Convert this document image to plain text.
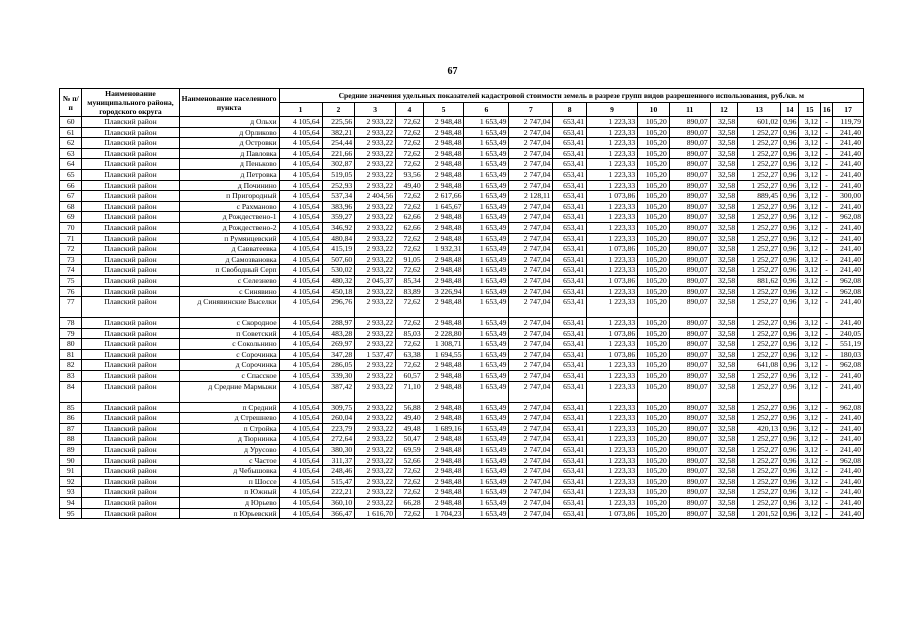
67
№ п/п	Наименование муниципального района, городского округа	Наименование населенного пункта	Средние значения удельных показателей кадастровой стоимости земель в разрезе групп видов разрешенного использования, руб./кв. м																
			1	2	3	4	5	6	7	8	9	10	11	12	13	14	15	16	17
60	Плавский район	д Ольхи	4 105,64	225,56	2 933,22	72,62	2 948,48	1 653,49	2 747,04	653,41	1 223,33	105,20	890,07	32,58	601,02	0,96	3,12	-	119,79
61	Плавский район	д Орликово	4 105,64	382,21	2 933,22	72,62	2 948,48	1 653,49	2 747,04	653,41	1 223,33	105,20	890,07	32,58	1 252,27	0,96	3,12	-	241,40
62	Плавский район	д Островки	4 105,64	254,44	2 933,22	72,62	2 948,48	1 653,49	2 747,04	653,41	1 223,33	105,20	890,07	32,58	1 252,27	0,96	3,12	-	241,40
63	Плавский район	д Павловка	4 105,64	221,66	2 933,22	72,62	2 948,48	1 653,49	2 747,04	653,41	1 223,33	105,20	890,07	32,58	1 252,27	0,96	3,12	-	241,40
64	Плавский район	д Пеньково	4 105,64	302,87	2 933,22	72,62	2 948,48	1 653,49	2 747,04	653,41	1 223,33	105,20	890,07	32,58	1 252,27	0,96	3,12	-	241,40
65	Плавский район	д Петровка	4 105,64	519,05	2 933,22	93,56	2 948,48	1 653,49	2 747,04	653,41	1 223,33	105,20	890,07	32,58	1 252,27	0,96	3,12	-	241,40
66	Плавский район	д Починино	4 105,64	252,93	2 933,22	49,40	2 948,48	1 653,49	2 747,04	653,41	1 223,33	105,20	890,07	32,58	1 252,27	0,96	3,12	-	241,40
67	Плавский район	п Пригородный	4 105,64	537,34	2 404,56	72,62	2 617,66	1 653,49	2 128,11	653,41	1 073,86	105,20	890,07	32,58	889,45	0,96	3,12	-	300,00
68	Плавский район	с Рахманово	4 105,64	383,96	2 933,22	72,62	1 645,67	1 653,49	2 747,04	653,41	1 223,33	105,20	890,07	32,58	1 252,27	0,96	3,12	-	241,40
69	Плавский район	д Рождествено-1	4 105,64	359,27	2 933,22	62,66	2 948,48	1 653,49	2 747,04	653,41	1 223,33	105,20	890,07	32,58	1 252,27	0,96	3,12	-	962,08
70	Плавский район	д Рождествено-2	4 105,64	346,92	2 933,22	62,66	2 948,48	1 653,49	2 747,04	653,41	1 223,33	105,20	890,07	32,58	1 252,27	0,96	3,12	-	241,40
71	Плавский район	п Румянцевский	4 105,64	480,84	2 933,22	72,62	2 948,48	1 653,49	2 747,04	653,41	1 223,33	105,20	890,07	32,58	1 252,27	0,96	3,12	-	241,40
72	Плавский район	д Савватеевка	4 105,64	415,19	2 933,22	72,62	1 932,31	1 653,49	2 747,04	653,41	1 073,86	105,20	890,07	32,58	1 252,27	0,96	3,12	-	241,40
73	Плавский район	д Самозвановка	4 105,64	507,60	2 933,22	91,05	2 948,48	1 653,49	2 747,04	653,41	1 223,33	105,20	890,07	32,58	1 252,27	0,96	3,12	-	241,40
74	Плавский район	п Свободный Серп	4 105,64	530,02	2 933,22	72,62	2 948,48	1 653,49	2 747,04	653,41	1 223,33	105,20	890,07	32,58	1 252,27	0,96	3,12	-	241,40
75	Плавский район	с Селезнево	4 105,64	480,32	2 045,37	85,34	2 948,48	1 653,49	2 747,04	653,41	1 073,86	105,20	890,07	32,58	881,62	0,96	3,12	-	962,08
76	Плавский район	с Синявино	4 105,64	450,18	2 933,22	83,89	3 226,94	1 653,49	2 747,04	653,41	1 223,33	105,20	890,07	32,58	1 252,27	0,96	3,12	-	962,08
77	Плавский район	д Синявинские Выселки	4 105,64	296,76	2 933,22	72,62	2 948,48	1 653,49	2 747,04	653,41	1 223,33	105,20	890,07	32,58	1 252,27	0,96	3,12	-	241,40
78	Плавский район	с Скородное	4 105,64	288,97	2 933,22	72,62	2 948,48	1 653,49	2 747,04	653,41	1 223,33	105,20	890,07	32,58	1 252,27	0,96	3,12	-	241,40
79	Плавский район	п Советский	4 105,64	483,28	2 933,22	85,03	2 228,80	1 653,49	2 747,04	653,41	1 073,86	105,20	890,07	32,58	1 252,27	0,96	3,12	-	240,05
80	Плавский район	с Сокольнино	4 105,64	269,97	2 933,22	72,62	1 308,71	1 653,49	2 747,04	653,41	1 223,33	105,20	890,07	32,58	1 252,27	0,96	3,12	-	551,19
81	Плавский район	с Сорочинка	4 105,64	347,28	1 537,47	63,38	1 694,55	1 653,49	2 747,04	653,41	1 073,86	105,20	890,07	32,58	1 252,27	0,96	3,12	-	180,03
82	Плавский район	д Сорочинка	4 105,64	286,05	2 933,22	72,62	2 948,48	1 653,49	2 747,04	653,41	1 223,33	105,20	890,07	32,58	641,08	0,96	3,12	-	962,08
83	Плавский район	с Спасское	4 105,64	339,30	2 933,22	60,57	2 948,48	1 653,49	2 747,04	653,41	1 223,33	105,20	890,07	32,58	1 252,27	0,96	3,12	-	241,40
84	Плавский район	д Средние Мармыжи	4 105,64	387,42	2 933,22	71,10	2 948,48	1 653,49	2 747,04	653,41	1 223,33	105,20	890,07	32,58	1 252,27	0,96	3,12	-	241,40
85	Плавский район	п Средний	4 105,64	309,75	2 933,22	56,88	2 948,48	1 653,49	2 747,04	653,41	1 223,33	105,20	890,07	32,58	1 252,27	0,96	3,12	-	962,08
86	Плавский район	д Стрешнево	4 105,64	260,04	2 933,22	49,40	2 948,48	1 653,49	2 747,04	653,41	1 223,33	105,20	890,07	32,58	1 252,27	0,96	3,12	-	241,40
87	Плавский район	п Стройка	4 105,64	223,79	2 933,22	49,48	1 689,16	1 653,49	2 747,04	653,41	1 223,33	105,20	890,07	32,58	420,13	0,96	3,12	-	241,40
88	Плавский район	д Тюрнинка	4 105,64	272,64	2 933,22	50,47	2 948,48	1 653,49	2 747,04	653,41	1 223,33	105,20	890,07	32,58	1 252,27	0,96	3,12	-	241,40
89	Плавский район	д Урусово	4 105,64	380,30	2 933,22	69,59	2 948,48	1 653,49	2 747,04	653,41	1 223,33	105,20	890,07	32,58	1 252,27	0,96	3,12	-	241,40
90	Плавский район	с Частое	4 105,64	311,37	2 933,22	52,66	2 948,48	1 653,49	2 747,04	653,41	1 223,33	105,20	890,07	32,58	1 252,27	0,96	3,12	-	962,08
91	Плавский район	д Чебышовка	4 105,64	248,46	2 933,22	72,62	2 948,48	1 653,49	2 747,04	653,41	1 223,33	105,20	890,07	32,58	1 252,27	0,96	3,12	-	241,40
92	Плавский район	п Шоссе	4 105,64	515,47	2 933,22	72,62	2 948,48	1 653,49	2 747,04	653,41	1 223,33	105,20	890,07	32,58	1 252,27	0,96	3,12	-	241,40
93	Плавский район	п Южный	4 105,64	222,21	2 933,22	72,62	2 948,48	1 653,49	2 747,04	653,41	1 223,33	105,20	890,07	32,58	1 252,27	0,96	3,12	-	241,40
94	Плавский район	д Юрьево	4 105,64	360,10	2 933,22	66,28	2 948,48	1 653,49	2 747,04	653,41	1 223,33	105,20	890,07	32,58	1 252,27	0,96	3,12	-	241,40
95	Плавский район	п Юрьевский	4 105,64	366,47	1 616,70	72,62	1 704,23	1 653,49	2 747,04	653,41	1 073,86	105,20	890,07	32,58	1 201,52	0,96	3,12	-	241,40
